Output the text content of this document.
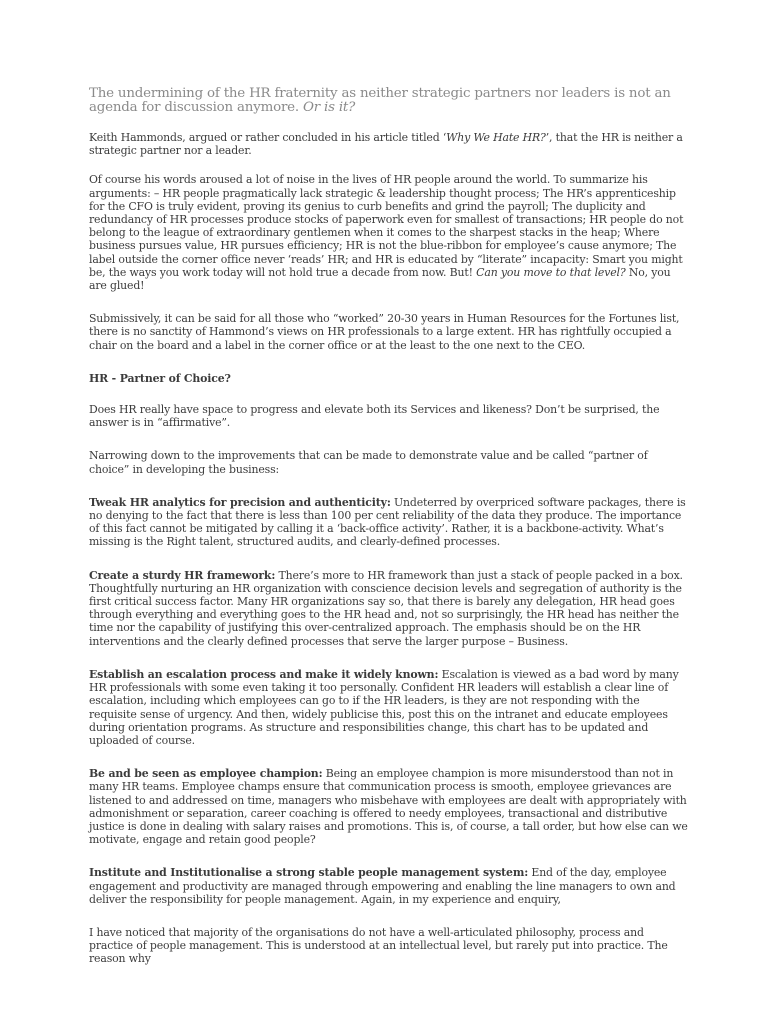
The undermining of the HR fraternity as neither strategic partners nor leaders is not an agenda for discussion anymore. Or is it?

Keith Hammonds, argued or rather concluded in his article titled ‘Why We Hate HR?’, that the HR is neither a strategic partner nor a leader.

Of course his words aroused a lot of noise in the lives of HR people around the world. To summarize his arguments: – HR people pragmatically lack strategic & leadership thought process; The HR’s apprenticeship for the CFO is truly evident, proving its genius to curb benefits and grind the payroll; The duplicity and redundancy of HR processes produce stocks of paperwork even for smallest of transactions; HR people do not belong to the league of extraordinary gentlemen when it comes to the sharpest stacks in the heap; Where business pursues value, HR pursues efficiency; HR is not the blue-ribbon for employee’s cause anymore; The label outside the corner office never ‘reads’ HR; and HR is educated by “literate” incapacity: Smart you might be, the ways you work today will not hold true a decade from now. But! Can you move to that level? No, you are glued!

Submissively, it can be said for all those who “worked” 20-30 years in Human Resources for the Fortunes list, there is no sanctity of Hammond’s views on HR professionals to a large extent. HR has rightfully occupied a chair on the board and a label in the corner office or at the least to the one next to the CEO.

HR - Partner of Choice?

Does HR really have space to progress and elevate both its Services and likeness? Don’t be surprised, the answer is in “affirmative”.

Narrowing down to the improvements that can be made to demonstrate value and be called “partner of choice” in developing the business:

Tweak HR analytics for precision and authenticity: Undeterred by overpriced software packages, there is no denying to the fact that there is less than 100 per cent reliability of the data they produce. The importance of this fact cannot be mitigated by calling it a ‘back-office activity’. Rather, it is a backbone-activity. What’s missing is the Right talent, structured audits, and clearly-defined processes.

Create a sturdy HR framework: There’s more to HR framework than just a stack of people packed in a box. Thoughtfully nurturing an HR organization with conscience decision levels and segregation of authority is the first critical success factor. Many HR organizations say so, that there is barely any delegation, HR head goes through everything and everything goes to the HR head and, not so surprisingly, the HR head has neither the time nor the capability of justifying this over-centralized approach. The emphasis should be on the HR interventions and the clearly defined processes that serve the larger purpose – Business.

Establish an escalation process and make it widely known: Escalation is viewed as a bad word by many HR professionals with some even taking it too personally. Confident HR leaders will establish a clear line of escalation, including which employees can go to if the HR leaders, is they are not responding with the requisite sense of urgency. And then, widely publicise this, post this on the intranet and educate employees during orientation programs. As structure and responsibilities change, this chart has to be updated and uploaded of course.

Be and be seen as employee champion: Being an employee champion is more misunderstood than not in many HR teams. Employee champs ensure that communication process is smooth, employee grievances are listened to and addressed on time, managers who misbehave with employees are dealt with appropriately with admonishment or separation, career coaching is offered to needy employees, transactional and distributive justice is done in dealing with salary raises and promotions. This is, of course, a tall order, but how else can we motivate, engage and retain good people?

Institute and Institutionalise a strong stable people management system: End of the day, employee engagement and productivity are managed through empowering and enabling the line managers to own and deliver the responsibility for people management. Again, in my experience and enquiry,

I have noticed that majority of the organisations do not have a well-articulated philosophy, process and practice of people management. This is understood at an intellectual level, but rarely put into practice. The reason why
